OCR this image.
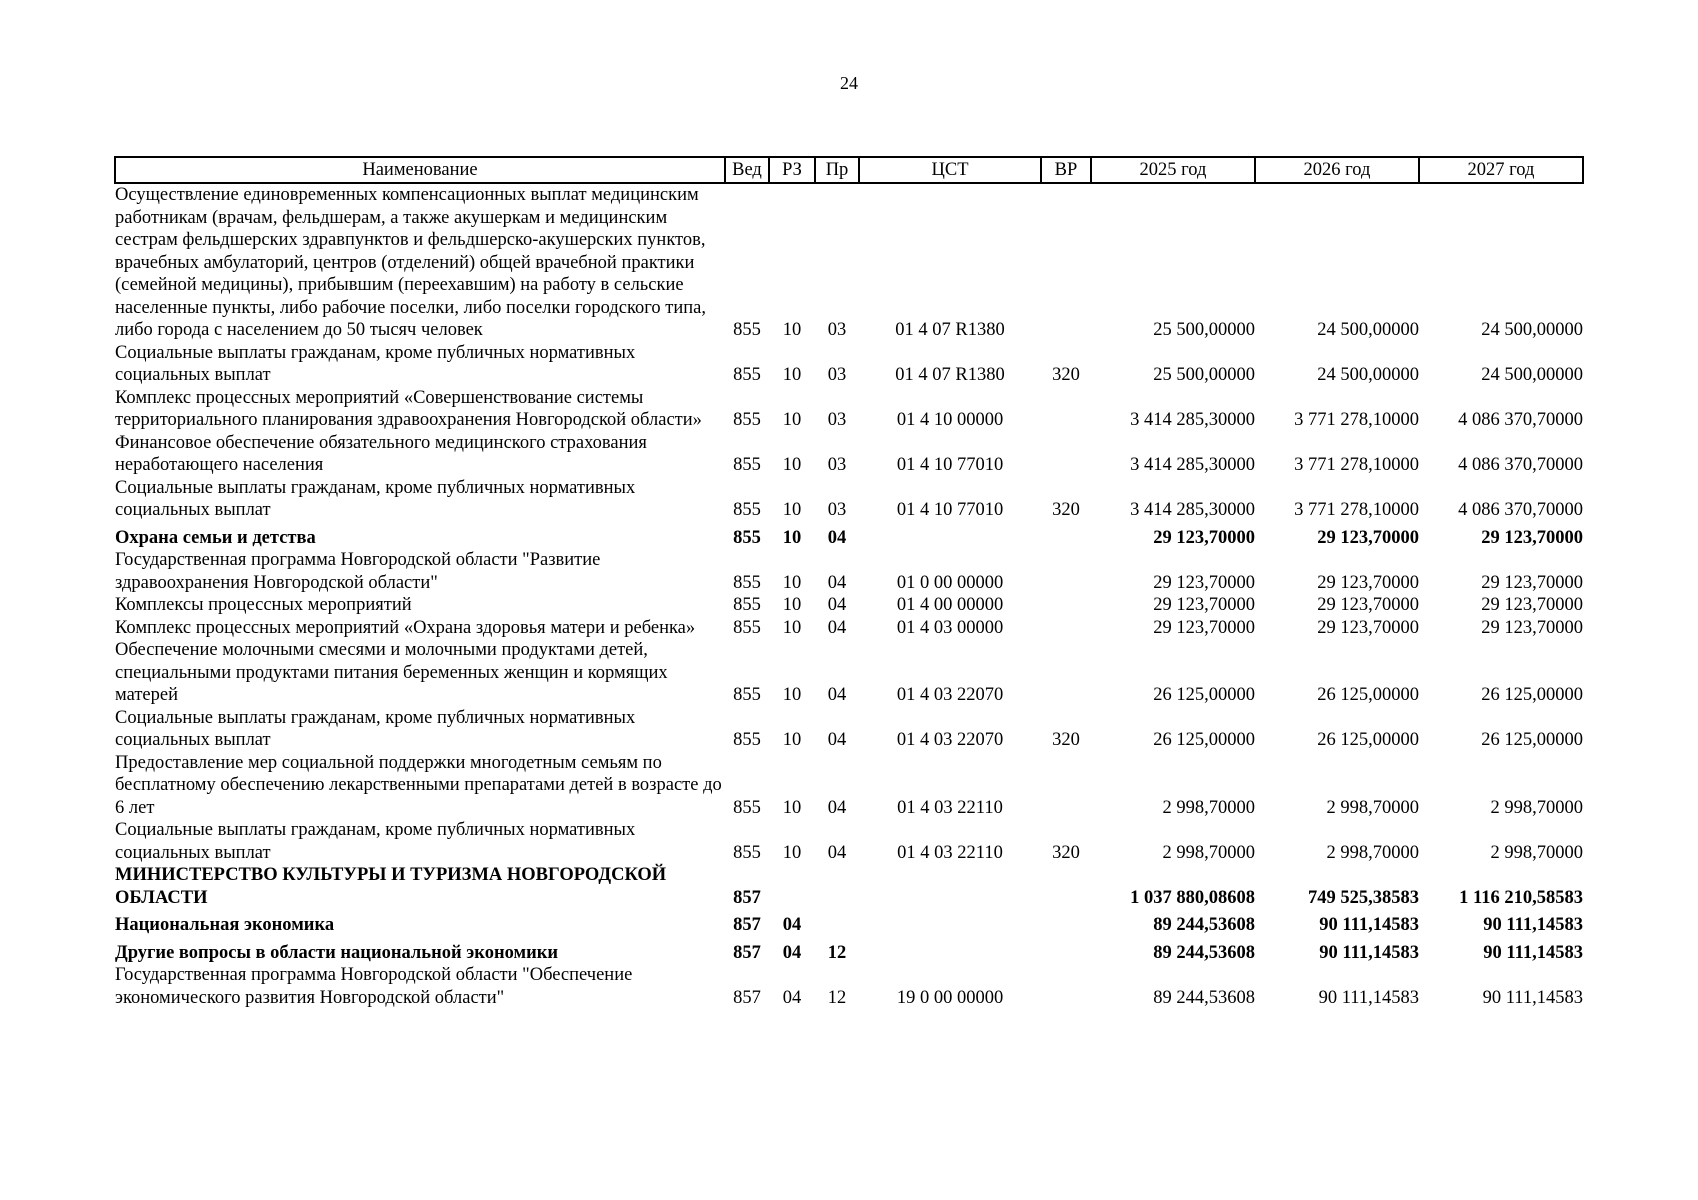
24
Наименование	Вед	РЗ	Пр	ЦСТ	ВР	2025 год	2026 год	2027 год
Осуществление единовременных компенсационных выплат медицинским работникам (врачам, фельдшерам, а также акушеркам и медицинским сестрам фельдшерских здравпунктов и фельдшерско-акушерских пунктов, врачебных амбулаторий, центров (отделений) общей врачебной практики (семейной медицины), прибывшим (переехавшим) на работу в сельские населенные пункты, либо рабочие поселки, либо поселки городского типа, либо города с населением до 50 тысяч человек	855	10	03	01 4 07 R1380		25 500,00000	24 500,00000	24 500,00000
Социальные выплаты гражданам, кроме публичных нормативных социальных выплат	855	10	03	01 4 07 R1380	320	25 500,00000	24 500,00000	24 500,00000
Комплекс процессных мероприятий «Совершенствование системы территориального планирования здравоохранения Новгородской области»	855	10	03	01 4 10 00000		3 414 285,30000	3 771 278,10000	4 086 370,70000
Финансовое обеспечение обязательного медицинского страхования неработающего населения	855	10	03	01 4 10 77010		3 414 285,30000	3 771 278,10000	4 086 370,70000
Социальные выплаты гражданам, кроме публичных нормативных социальных выплат	855	10	03	01 4 10 77010	320	3 414 285,30000	3 771 278,10000	4 086 370,70000
Охрана семьи и детства	855	10	04			29 123,70000	29 123,70000	29 123,70000
Государственная программа Новгородской области "Развитие здравоохранения Новгородской области"	855	10	04	01 0 00 00000		29 123,70000	29 123,70000	29 123,70000
Комплексы процессных мероприятий	855	10	04	01 4 00 00000		29 123,70000	29 123,70000	29 123,70000
Комплекс процессных мероприятий «Охрана здоровья матери и ребенка»	855	10	04	01 4 03 00000		29 123,70000	29 123,70000	29 123,70000
Обеспечение молочными смесями и молочными продуктами детей, специальными продуктами питания беременных женщин и кормящих матерей	855	10	04	01 4 03 22070		26 125,00000	26 125,00000	26 125,00000
Социальные выплаты гражданам, кроме публичных нормативных социальных выплат	855	10	04	01 4 03 22070	320	26 125,00000	26 125,00000	26 125,00000
Предоставление мер социальной поддержки многодетным семьям по бесплатному обеспечению лекарственными препаратами детей в возрасте до 6 лет	855	10	04	01 4 03 22110		2 998,70000	2 998,70000	2 998,70000
Социальные выплаты гражданам, кроме публичных нормативных социальных выплат	855	10	04	01 4 03 22110	320	2 998,70000	2 998,70000	2 998,70000
МИНИСТЕРСТВО КУЛЬТУРЫ И ТУРИЗМА НОВГОРОДСКОЙ ОБЛАСТИ	857					1 037 880,08608	749 525,38583	1 116 210,58583
Национальная экономика	857	04				89 244,53608	90 111,14583	90 111,14583
Другие вопросы в области национальной экономики	857	04	12			89 244,53608	90 111,14583	90 111,14583
Государственная программа Новгородской области "Обеспечение экономического развития Новгородской области"	857	04	12	19 0 00 00000		89 244,53608	90 111,14583	90 111,14583
